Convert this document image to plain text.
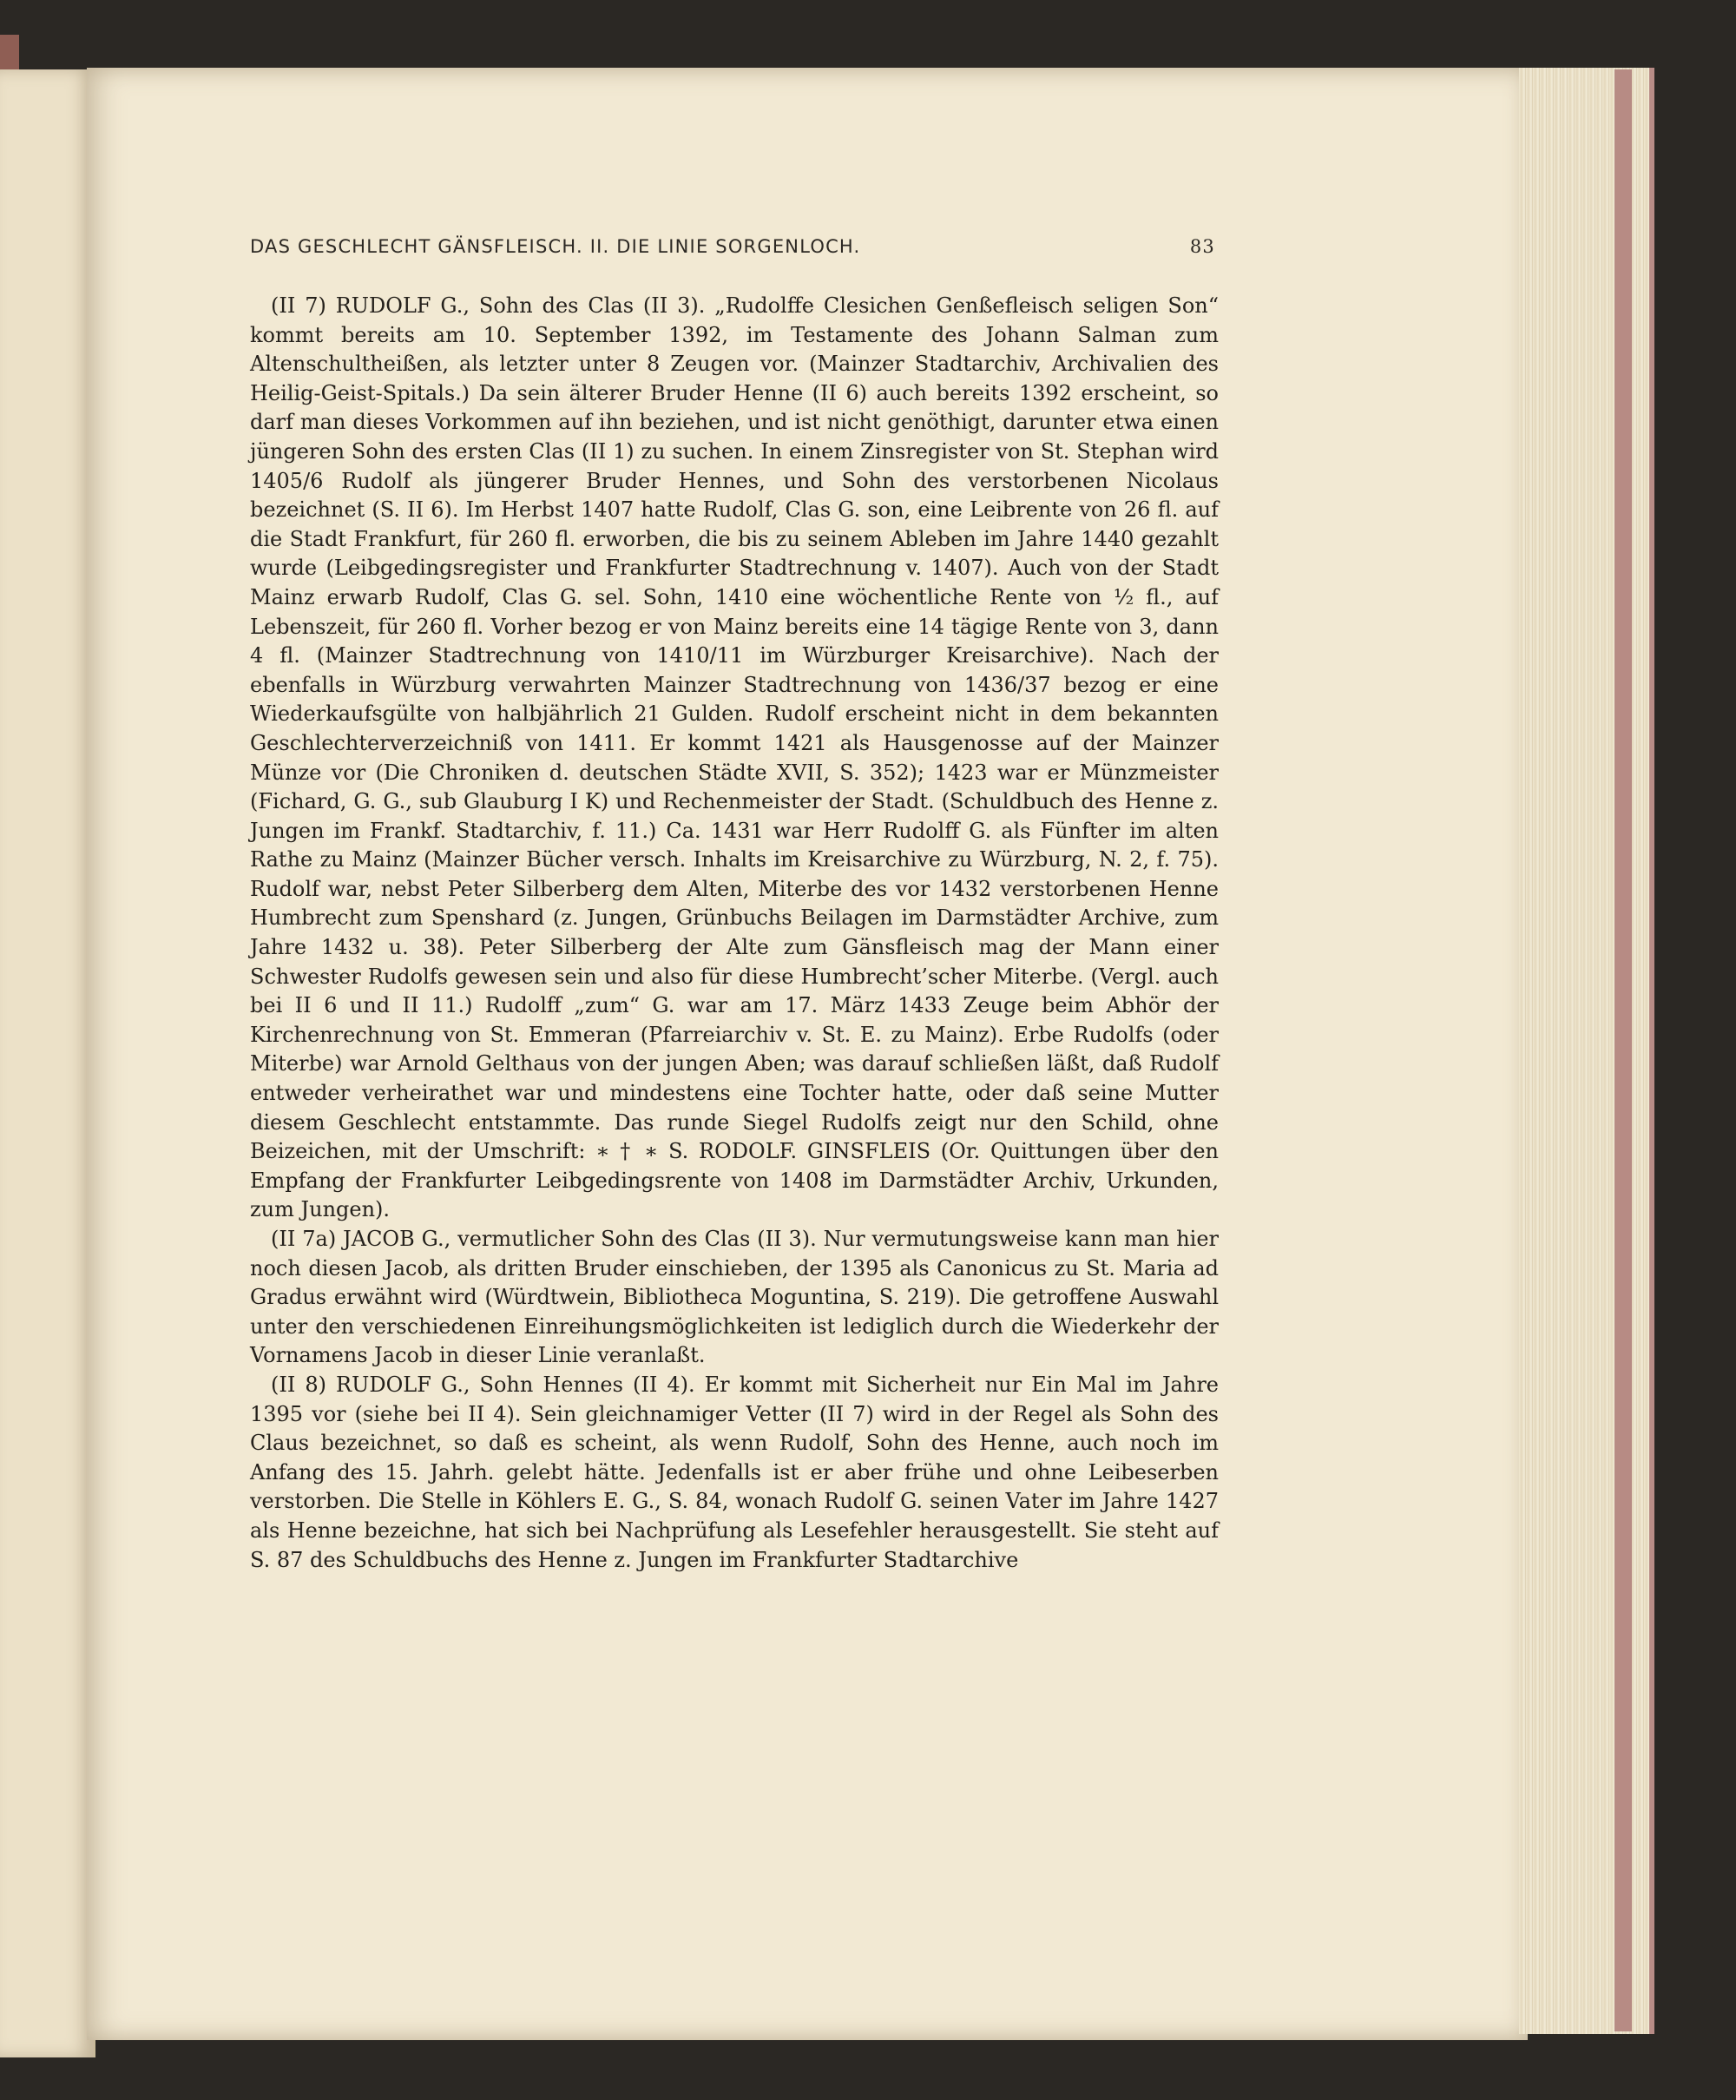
DAS GESCHLECHT GÄNSFLEISCH. II. DIE LINIE SORGENLOCH.	83

(II 7) RUDOLF G., Sohn des Clas (II 3). „Rudolffe Clesichen Genßefleisch seligen Son“ kommt bereits am 10. September 1392, im Testamente des Johann Salman zum Altenschultheißen, als letzter unter 8 Zeugen vor. (Mainzer Stadtarchiv, Archivalien des Heilig-Geist-Spitals.) Da sein älterer Bruder Henne (II 6) auch bereits 1392 erscheint, so darf man dieses Vorkommen auf ihn beziehen, und ist nicht genöthigt, darunter etwa einen jüngeren Sohn des ersten Clas (II 1) zu suchen. In einem Zinsregister von St. Stephan wird 1405/6 Rudolf als jüngerer Bruder Hennes, und Sohn des verstorbenen Nicolaus bezeichnet (S. II 6). Im Herbst 1407 hatte Rudolf, Clas G. son, eine Leibrente von 26 fl. auf die Stadt Frankfurt, für 260 fl. erworben, die bis zu seinem Ableben im Jahre 1440 gezahlt wurde (Leibgedingsregister und Frankfurter Stadtrechnung v. 1407). Auch von der Stadt Mainz erwarb Rudolf, Clas G. sel. Sohn, 1410 eine wöchentliche Rente von ½ fl., auf Lebenszeit, für 260 fl. Vorher bezog er von Mainz bereits eine 14 tägige Rente von 3, dann 4 fl. (Mainzer Stadtrechnung von 1410/11 im Würzburger Kreisarchive). Nach der ebenfalls in Würzburg verwahrten Mainzer Stadtrechnung von 1436/37 bezog er eine Wiederkaufsgülte von halbjährlich 21 Gulden. Rudolf erscheint nicht in dem bekannten Geschlechterverzeichniß von 1411. Er kommt 1421 als Hausgenosse auf der Mainzer Münze vor (Die Chroniken d. deutschen Städte XVII, S. 352); 1423 war er Münzmeister (Fichard, G. G., sub Glauburg I K) und Rechenmeister der Stadt. (Schuldbuch des Henne z. Jungen im Frankf. Stadtarchiv, f. 11.) Ca. 1431 war Herr Rudolff G. als Fünfter im alten Rathe zu Mainz (Mainzer Bücher versch. Inhalts im Kreisarchive zu Würzburg, N. 2, f. 75). Rudolf war, nebst Peter Silberberg dem Alten, Miterbe des vor 1432 verstorbenen Henne Humbrecht zum Spenshard (z. Jungen, Grünbuchs Beilagen im Darmstädter Archive, zum Jahre 1432 u. 38). Peter Silberberg der Alte zum Gänsfleisch mag der Mann einer Schwester Rudolfs gewesen sein und also für diese Humbrecht’scher Miterbe. (Vergl. auch bei II 6 und II 11.) Rudolff „zum“ G. war am 17. März 1433 Zeuge beim Abhör der Kirchenrechnung von St. Emmeran (Pfarreiarchiv v. St. E. zu Mainz). Erbe Rudolfs (oder Miterbe) war Arnold Gelthaus von der jungen Aben; was darauf schließen läßt, daß Rudolf entweder verheirathet war und mindestens eine Tochter hatte, oder daß seine Mutter diesem Geschlecht entstammte. Das runde Siegel Rudolfs zeigt nur den Schild, ohne Beizeichen, mit der Umschrift: ∗ † ∗ S. RODOLF. GINSFLEIS (Or. Quittungen über den Empfang der Frankfurter Leibgedingsrente von 1408 im Darmstädter Archiv, Urkunden, zum Jungen).

(II 7a) JACOB G., vermutlicher Sohn des Clas (II 3). Nur vermutungsweise kann man hier noch diesen Jacob, als dritten Bruder einschieben, der 1395 als Canonicus zu St. Maria ad Gradus erwähnt wird (Würdtwein, Bibliotheca Moguntina, S. 219). Die getroffene Auswahl unter den verschiedenen Einreihungsmöglichkeiten ist lediglich durch die Wiederkehr der Vornamens Jacob in dieser Linie veranlaßt.

(II 8) RUDOLF G., Sohn Hennes (II 4). Er kommt mit Sicherheit nur Ein Mal im Jahre 1395 vor (siehe bei II 4). Sein gleichnamiger Vetter (II 7) wird in der Regel als Sohn des Claus bezeichnet, so daß es scheint, als wenn Rudolf, Sohn des Henne, auch noch im Anfang des 15. Jahrh. gelebt hätte. Jedenfalls ist er aber frühe und ohne Leibeserben verstorben. Die Stelle in Köhlers E. G., S. 84, wonach Rudolf G. seinen Vater im Jahre 1427 als Henne bezeichne, hat sich bei Nachprüfung als Lesefehler herausgestellt. Sie steht auf S. 87 des Schuldbuchs des Henne z. Jungen im Frankfurter Stadtarchive
